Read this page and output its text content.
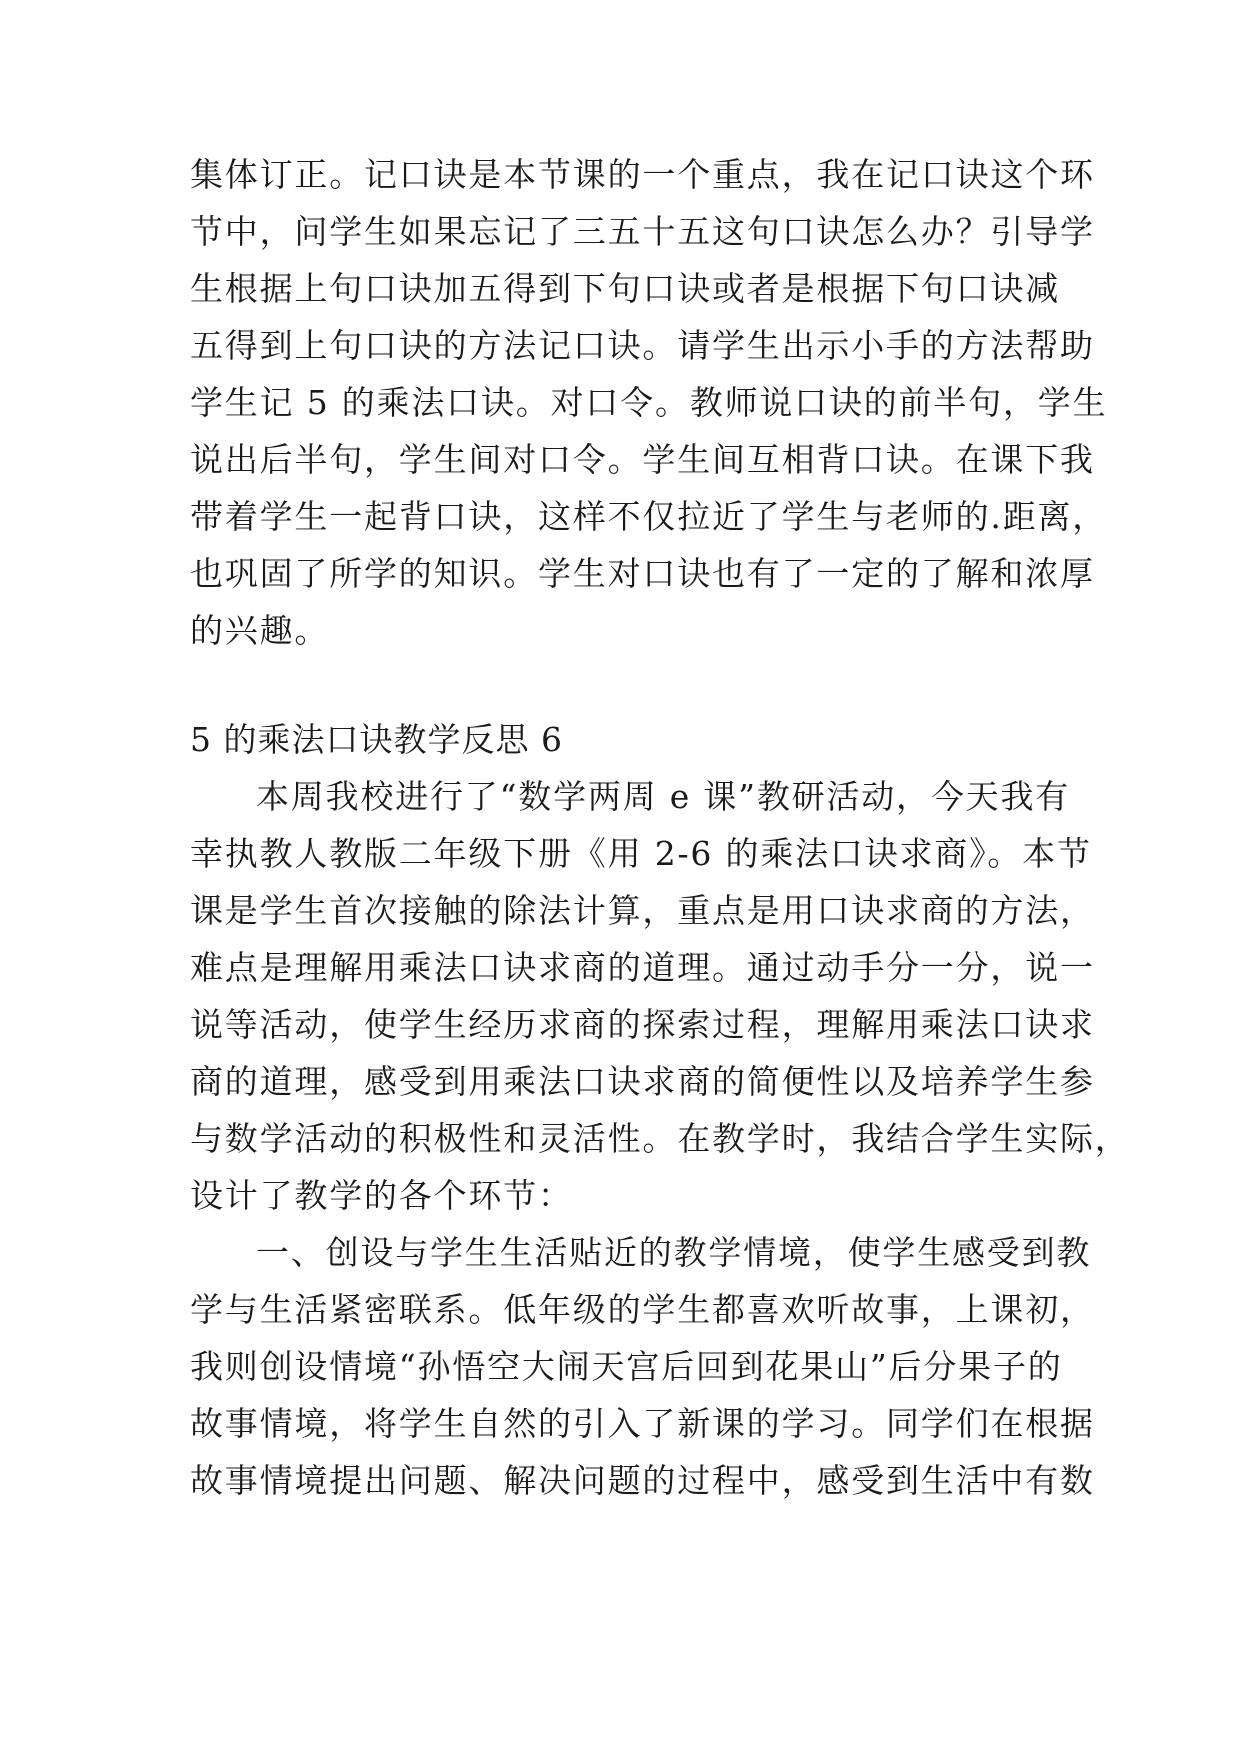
集体订正。记口诀是本节课的一个重点，我在记口诀这个环
节中，问学生如果忘记了三五十五这句口诀怎么办？引导学
生根据上句口诀加五得到下句口诀或者是根据下句口诀减
五得到上句口诀的方法记口诀。请学生出示小手的方法帮助
学生记 5 的乘法口诀。对口令。教师说口诀的前半句，学生
说出后半句，学生间对口令。学生间互相背口诀。在课下我
带着学生一起背口诀，这样不仅拉近了学生与老师的.距离，
也巩固了所学的知识。学生对口诀也有了一定的了解和浓厚
的兴趣。
5 的乘法口诀教学反思 6
本周我校进行了“数学两周 e 课”教研活动，今天我有
幸执教人教版二年级下册《用 2-6 的乘法口诀求商》。本节
课是学生首次接触的除法计算，重点是用口诀求商的方法，
难点是理解用乘法口诀求商的道理。通过动手分一分，说一
说等活动，使学生经历求商的探索过程，理解用乘法口诀求
商的道理，感受到用乘法口诀求商的简便性以及培养学生参
与数学活动的积极性和灵活性。在教学时，我结合学生实际，
设计了教学的各个环节：
一、创设与学生生活贴近的教学情境，使学生感受到教
学与生活紧密联系。低年级的学生都喜欢听故事，上课初，
我则创设情境“孙悟空大闹天宫后回到花果山”后分果子的
故事情境，将学生自然的引入了新课的学习。同学们在根据
故事情境提出问题、解决问题的过程中，感受到生活中有数
